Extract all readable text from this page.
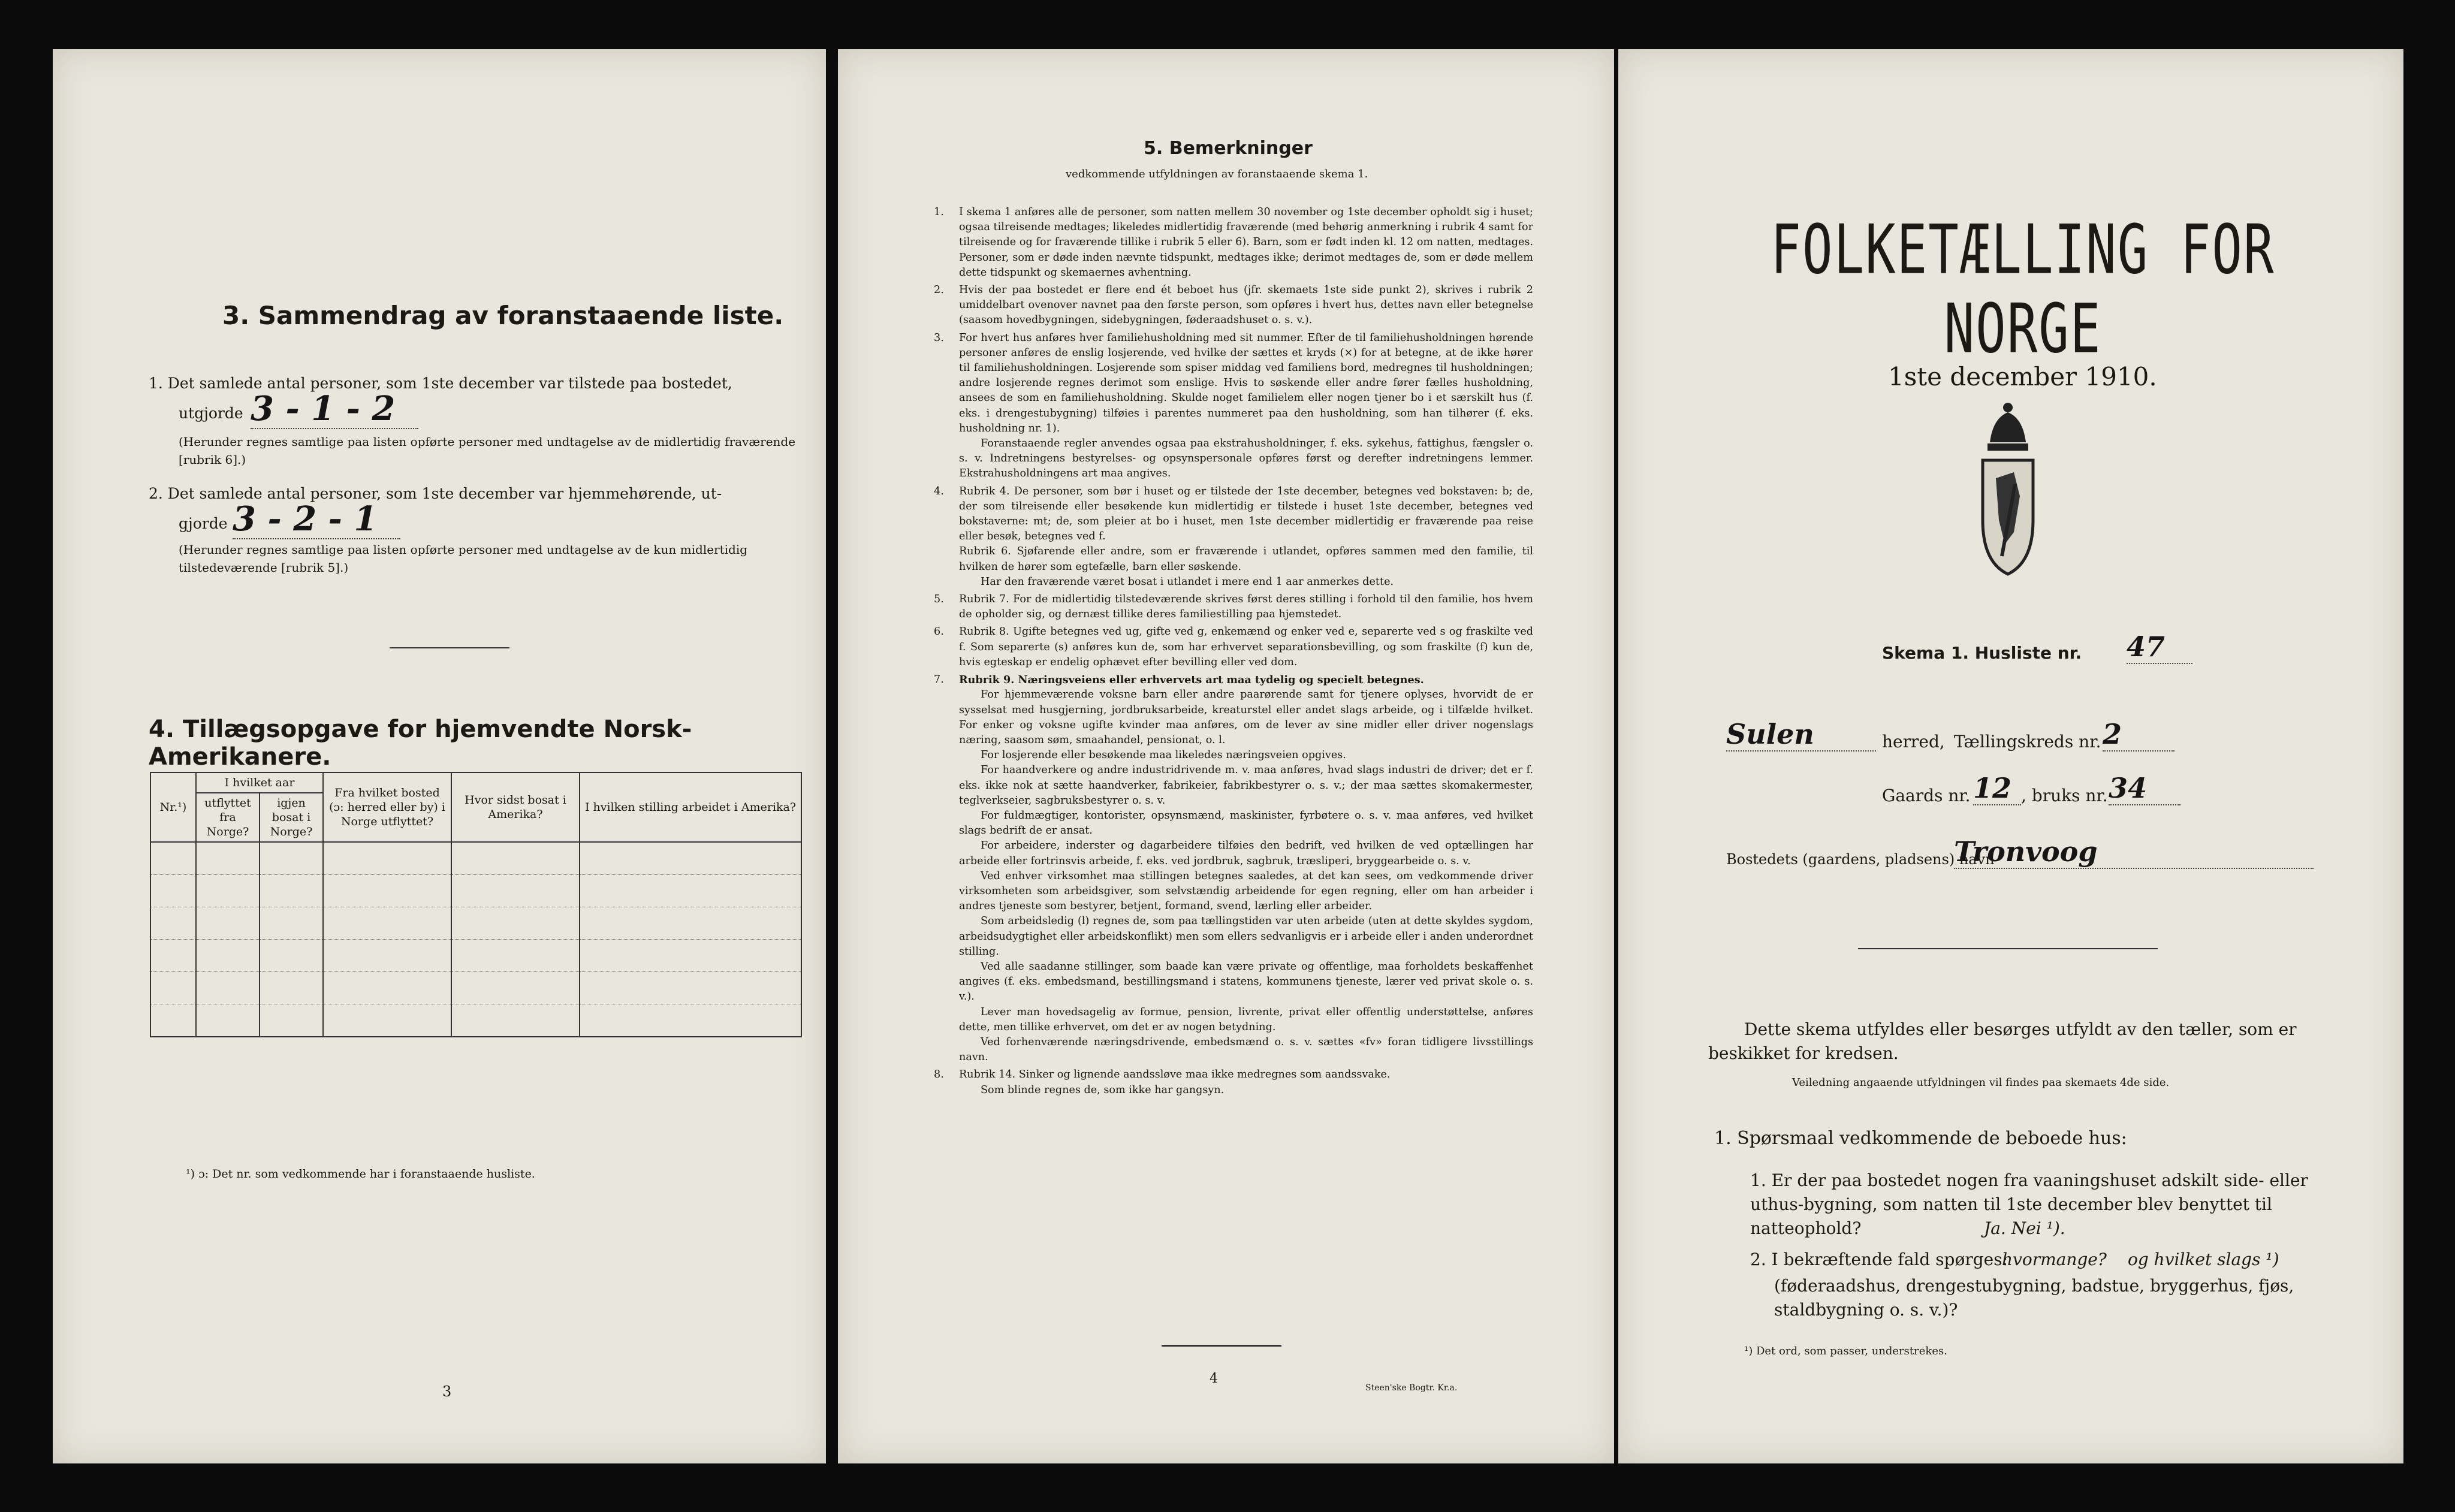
3. Sammendrag av foranstaaende liste.
1. Det samlede antal personer, som 1ste december var tilstede paa bostedet,
utgjorde 3 - 1 - 2
(Herunder regnes samtlige paa listen opførte personer med undtagelse av de midlertidig fraværende [rubrik 6].)
2. Det samlede antal personer, som 1ste december var hjemmehørende, ut-
gjorde 3 - 2 - 1
(Herunder regnes samtlige paa listen opførte personer med undtagelse av de kun midlertidig tilstedeværende [rubrik 5].)
4. Tillægsopgave for hjemvendte Norsk-Amerikanere.
Nr.¹)	I hvilket aar		Fra hvilket bosted (ɔ: herred eller by) i Norge utflyttet?	Hvor sidst bosat i Amerika?	I hvilken stilling arbeidet i Amerika?
	utflyttet fra Norge?	igjen bosat i Norge?			

¹) ɔ: Det nr. som vedkommende har i foranstaaende husliste.
3
5. Bemerkninger
vedkommende utfyldningen av foranstaaende skema 1.
1. I skema 1 anføres alle de personer, som natten mellem 30 november og 1ste december opholdt sig i huset; ogsaa tilreisende medtages; likeledes midlertidig fraværende (med behørig anmerkning i rubrik 4 samt for tilreisende og for fraværende tillike i rubrik 5 eller 6). Barn, som er født inden kl. 12 om natten, medtages. Personer, som er døde inden nævnte tidspunkt, medtages ikke; derimot medtages de, som er døde mellem dette tidspunkt og skemaernes avhentning.

2. Hvis der paa bostedet er flere end ét beboet hus (jfr. skemaets 1ste side punkt 2), skrives i rubrik 2 umiddelbart ovenover navnet paa den første person, som opføres i hvert hus, dettes navn eller betegnelse (saasom hovedbygningen, sidebygningen, føderaadshuset o. s. v.).

3. For hvert hus anføres hver familiehusholdning med sit nummer. Efter de til familiehusholdningen hørende personer anføres de enslig losjerende, ved hvilke der sættes et kryds (×) for at betegne, at de ikke hører til familiehusholdningen. Losjerende som spiser middag ved familiens bord, medregnes til husholdningen; andre losjerende regnes derimot som enslige. Hvis to søskende eller andre fører fælles husholdning, ansees de som en familiehusholdning. Skulde noget familielem eller nogen tjener bo i et særskilt hus (f. eks. i drengestubygning) tilføies i parentes nummeret paa den husholdning, som han tilhører (f. eks. husholdning nr. 1).

Foranstaaende regler anvendes ogsaa paa ekstrahusholdninger, f. eks. sykehus, fattighus, fængsler o. s. v. Indretningens bestyrelses- og opsynspersonale opføres først og derefter indretningens lemmer. Ekstrahusholdningens art maa angives.

4. Rubrik 4. De personer, som bør i huset og er tilstede der 1ste december, betegnes ved bokstaven: b; de, der som tilreisende eller besøkende kun midlertidig er tilstede i huset 1ste december, betegnes ved bokstaverne: mt; de, som pleier at bo i huset, men 1ste december midlertidig er fraværende paa reise eller besøk, betegnes ved f.

Rubrik 6. Sjøfarende eller andre, som er fraværende i utlandet, opføres sammen med den familie, til hvilken de hører som egtefælle, barn eller søskende.

Har den fraværende været bosat i utlandet i mere end 1 aar anmerkes dette.

5. Rubrik 7. For de midlertidig tilstedeværende skrives først deres stilling i forhold til den familie, hos hvem de opholder sig, og dernæst tillike deres familiestilling paa hjemstedet.

6. Rubrik 8. Ugifte betegnes ved ug, gifte ved g, enkemænd og enker ved e, separerte ved s og fraskilte ved f. Som separerte (s) anføres kun de, som har erhvervet separationsbevilling, og som fraskilte (f) kun de, hvis egteskap er endelig ophævet efter bevilling eller ved dom.

7. Rubrik 9. Næringsveiens eller erhvervets art maa tydelig og specielt betegnes.

For hjemmeværende voksne barn eller andre paarørende samt for tjenere oplyses, hvorvidt de er sysselsat med husgjerning, jordbruksarbeide, kreaturstel eller andet slags arbeide, og i tilfælde hvilket. For enker og voksne ugifte kvinder maa anføres, om de lever av sine midler eller driver nogenslags næring, saasom søm, smaahandel, pensionat, o. l.

For losjerende eller besøkende maa likeledes næringsveien opgives.

For haandverkere og andre industridrivende m. v. maa anføres, hvad slags industri de driver; det er f. eks. ikke nok at sætte haandverker, fabrikeier, fabrikbestyrer o. s. v.; der maa sættes skomakermester, teglverkseier, sagbruksbestyrer o. s. v.

For fuldmægtiger, kontorister, opsynsmænd, maskinister, fyrbøtere o. s. v. maa anføres, ved hvilket slags bedrift de er ansat.

For arbeidere, inderster og dagarbeidere tilføies den bedrift, ved hvilken de ved optællingen har arbeide eller fortrinsvis arbeide, f. eks. ved jordbruk, sagbruk, træsliperi, bryggearbeide o. s. v.

Ved enhver virksomhet maa stillingen betegnes saaledes, at det kan sees, om vedkommende driver virksomheten som arbeidsgiver, som selvstændig arbeidende for egen regning, eller om han arbeider i andres tjeneste som bestyrer, betjent, formand, svend, lærling eller arbeider.

Som arbeidsledig (l) regnes de, som paa tællingstiden var uten arbeide (uten at dette skyldes sygdom, arbeidsudygtighet eller arbeidskonflikt) men som ellers sedvanligvis er i arbeide eller i anden underordnet stilling.

Ved alle saadanne stillinger, som baade kan være private og offentlige, maa forholdets beskaffenhet angives (f. eks. embedsmand, bestillingsmand i statens, kommunens tjeneste, lærer ved privat skole o. s. v.).

Lever man hovedsagelig av formue, pension, livrente, privat eller offentlig understøttelse, anføres dette, men tillike erhvervet, om det er av nogen betydning.

Ved forhenværende næringsdrivende, embedsmænd o. s. v. sættes «fv» foran tidligere livsstillings navn.

8. Rubrik 14. Sinker og lignende aandssløve maa ikke medregnes som aandssvake.

Som blinde regnes de, som ikke har gangsyn.

4
Steen'ske Bogtr. Kr.a.
FOLKETÆLLING FOR NORGE
1ste december 1910.
Skema 1. Husliste nr. 47
Sulen	herred, Tællingskreds nr. 2
Gaards nr. 12 , bruks nr. 34
Bostedets (gaardens, pladsens) navn
Tronvoog
Dette skema utfyldes eller besørges utfyldt av den tæller, som er beskikket for kredsen.
Veiledning angaaende utfyldningen vil findes paa skemaets 4de side.
1. Spørsmaal vedkommende de beboede hus:
1. Er der paa bostedet nogen fra vaaningshuset adskilt side- eller uthus-bygning, som natten til 1ste december blev benyttet til natteophold?	Ja. Nei ¹).
2. I bekræftende fald spørges:
hvormange? og hvilket slags ¹)
(føderaadshus, drengestubygning, badstue, bryggerhus, fjøs, staldbygning o. s. v.)?
¹) Det ord, som passer, understrekes.
